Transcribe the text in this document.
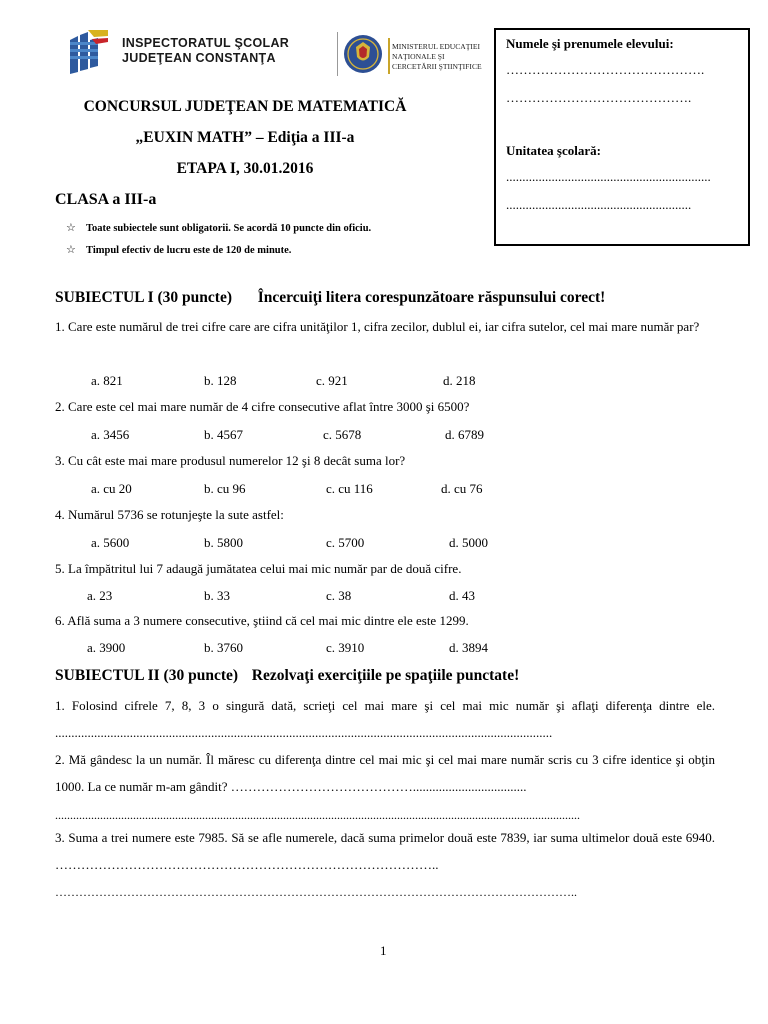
INSPECTORATUL ŞCOLAR
JUDEŢEAN CONSTANŢA
MINISTERUL EDUCAŢIEI
NAŢIONALE ŞI
CERCETĂRII ŞTIINŢIFICE
CONCURSUL JUDEŢEAN DE MATEMATICĂ
„EUXIN MATH” – Ediţia a III-a
ETAPA I, 30.01.2016
CLASA a III-a
☆ Toate subiectele sunt obligatorii. Se acordă 10 puncte din oficiu.
☆ Timpul efectiv de lucru este de 120 de minute.
Numele şi prenumele elevului:
……………………………………….
…………………………………….
Unitatea şcolară:
...............................................................
.........................................................
SUBIECTUL I (30 puncte) Încercuiţi litera corespunzătoare răspunsului corect!
1. Care este numărul de trei cifre care are cifra unităţilor 1, cifra zecilor, dublul ei, iar cifra sutelor, cel mai mare număr par?
a. 821	b. 128	c. 921	d. 218
2. Care este cel mai mare număr de 4 cifre consecutive aflat între 3000 şi 6500?
a. 3456	b. 4567	c. 5678	d. 6789
3. Cu cât este mai mare produsul numerelor 12 şi 8 decât suma lor?
a. cu 20	b. cu 96	c. cu 116	d. cu 76
4. Numărul 5736 se rotunjeşte la sute astfel:
a. 5600	b. 5800	c. 5700	d. 5000
5. La împătritul lui 7 adaugă jumătatea celui mai mic număr par de două cifre.
a. 23	b. 33	c. 38	d. 43
6. Află suma a 3 numere consecutive, ştiind că cel mai mic dintre ele este 1299.
a. 3900	b. 3760	c. 3910	d. 3894
SUBIECTUL II (30 puncte) Rezolvaţi exerciţiile pe spaţiile punctate!
1. Folosind cifrele 7, 8, 3 o singură dată, scrieţi cel mai mare şi cel mai mic număr şi aflaţi diferenţa dintre ele. .........................................................................................................................................................
2. Mă gândesc la un număr. Îl măresc cu diferenţa dintre cel mai mic şi cel mai mare număr scris cu 3 cifre identice şi obţin 1000. La ce număr m-am gândit? ……………………………………...................................
...............................................................................................................................................................................
3. Suma a trei numere este 7985. Să se afle numerele, dacă suma primelor două este 7839, iar suma ultimelor două este 6940. ……………………………………………………………………………..
…………………………………………………………………………………………………………………..
1
